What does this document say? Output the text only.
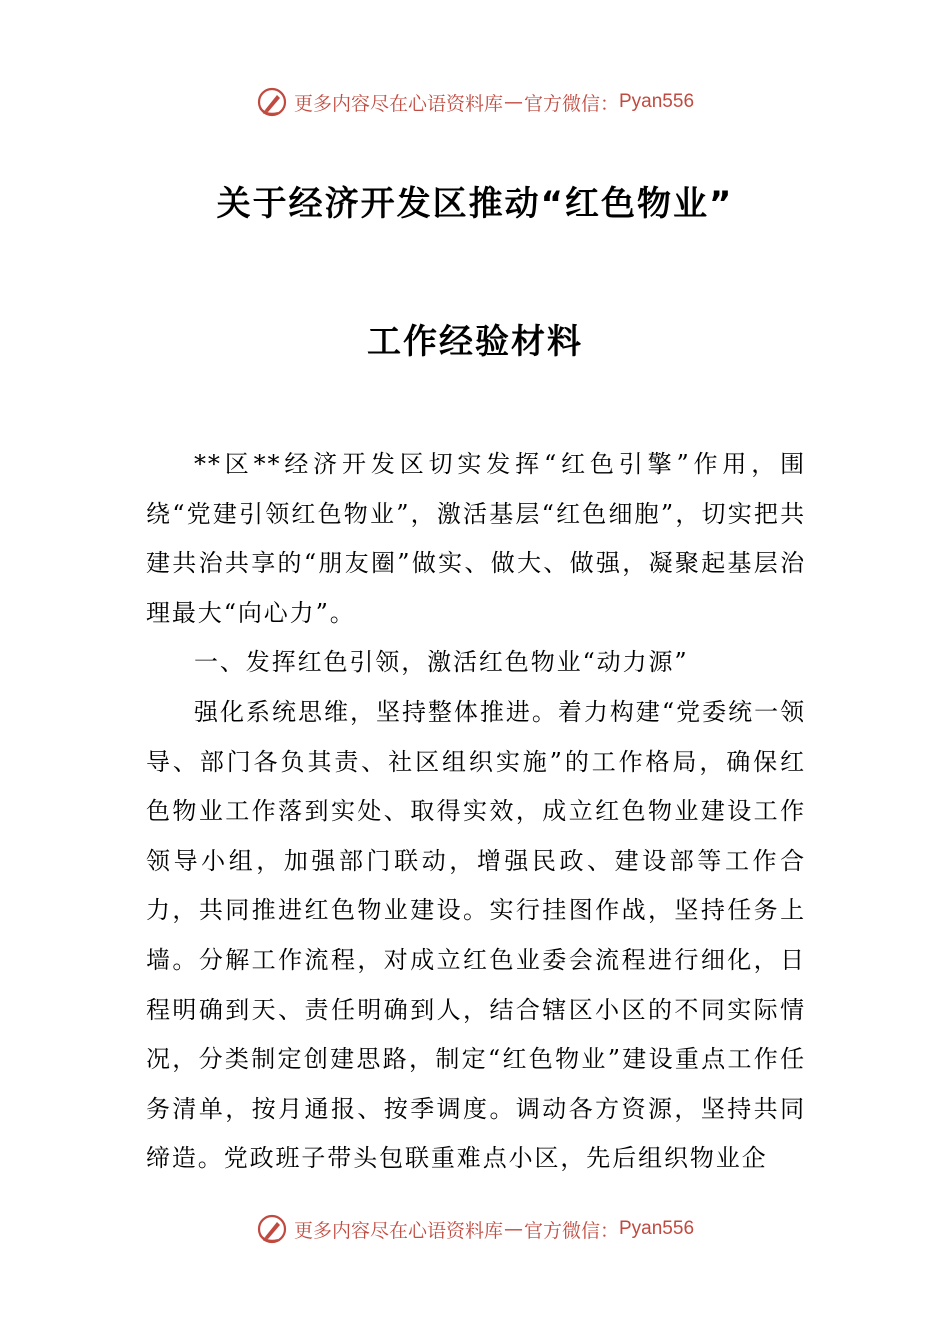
更多内容尽在心语资料库 — 官方微信： Pyan556
关于经济开发区推动“红色物业”
工作经验材料

**区**经济开发区切实发挥“红色引擎”作用，围绕“党建引领红色物业”，激活基层“红色细胞”，切实把共建共治共享的“朋友圈”做实、做大、做强，凝聚起基层治理最大“向心力”。

一、发挥红色引领，激活红色物业“动力源”

强化系统思维，坚持整体推进。着力构建“党委统一领导、部门各负其责、社区组织实施”的工作格局，确保红色物业工作落到实处、取得实效，成立红色物业建设工作领导小组，加强部门联动，增强民政、建设部等工作合力，共同推进红色物业建设。实行挂图作战，坚持任务上墙。分解工作流程，对成立红色业委会流程进行细化，日程明确到天、责任明确到人，结合辖区小区的不同实际情况，分类制定创建思路，制定“红色物业”建设重点工作任务清单，按月通报、按季调度。调动各方资源，坚持共同缔造。党政班子带头包联重难点小区，先后组织物业企

更多内容尽在心语资料库 — 官方微信： Pyan556
